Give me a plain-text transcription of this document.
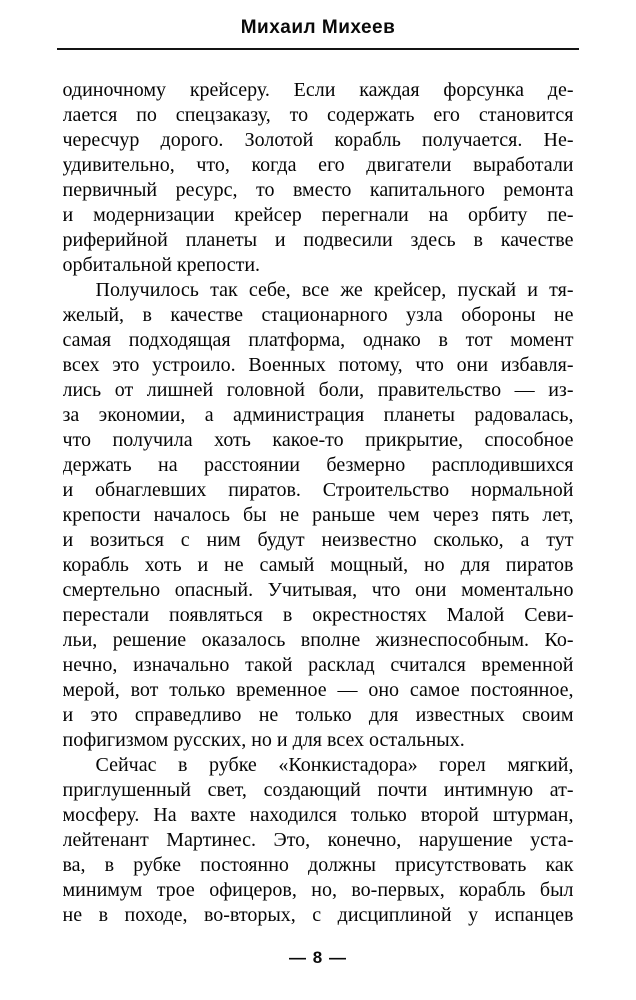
Михаил Михеев
одиночному крейсеру. Если каждая форсунка де-
лается по спецзаказу, то содержать его становится
чересчур дорого. Золотой корабль получается. Не-
удивительно, что, когда его двигатели выработали
первичный ресурс, то вместо капитального ремонта
и модернизации крейсер перегнали на орбиту пе-
риферийной планеты и подвесили здесь в качестве
орбитальной крепости.
Получилось так себе, все же крейсер, пускай и тя-
желый, в качестве стационарного узла обороны не
самая подходящая платформа, однако в тот момент
всех это устроило. Военных потому, что они избавля-
лись от лишней головной боли, правительство — из-
за экономии, а администрация планеты радовалась,
что получила хоть какое-то прикрытие, способное
держать на расстоянии безмерно расплодившихся
и обнаглевших пиратов. Строительство нормальной
крепости началось бы не раньше чем через пять лет,
и возиться с ним будут неизвестно сколько, а тут
корабль хоть и не самый мощный, но для пиратов
смертельно опасный. Учитывая, что они моментально
перестали появляться в окрестностях Малой Севи-
льи, решение оказалось вполне жизнеспособным. Ко-
нечно, изначально такой расклад считался временной
мерой, вот только временное — оно самое постоянное,
и это справедливо не только для известных своим
пофигизмом русских, но и для всех остальных.
Сейчас в рубке «Конкистадора» горел мягкий,
приглушенный свет, создающий почти интимную ат-
мосферу. На вахте находился только второй штурман,
лейтенант Мартинес. Это, конечно, нарушение уста-
ва, в рубке постоянно должны присутствовать как
минимум трое офицеров, но, во-первых, корабль был
не в походе, во-вторых, с дисциплиной у испанцев
— 8 —
